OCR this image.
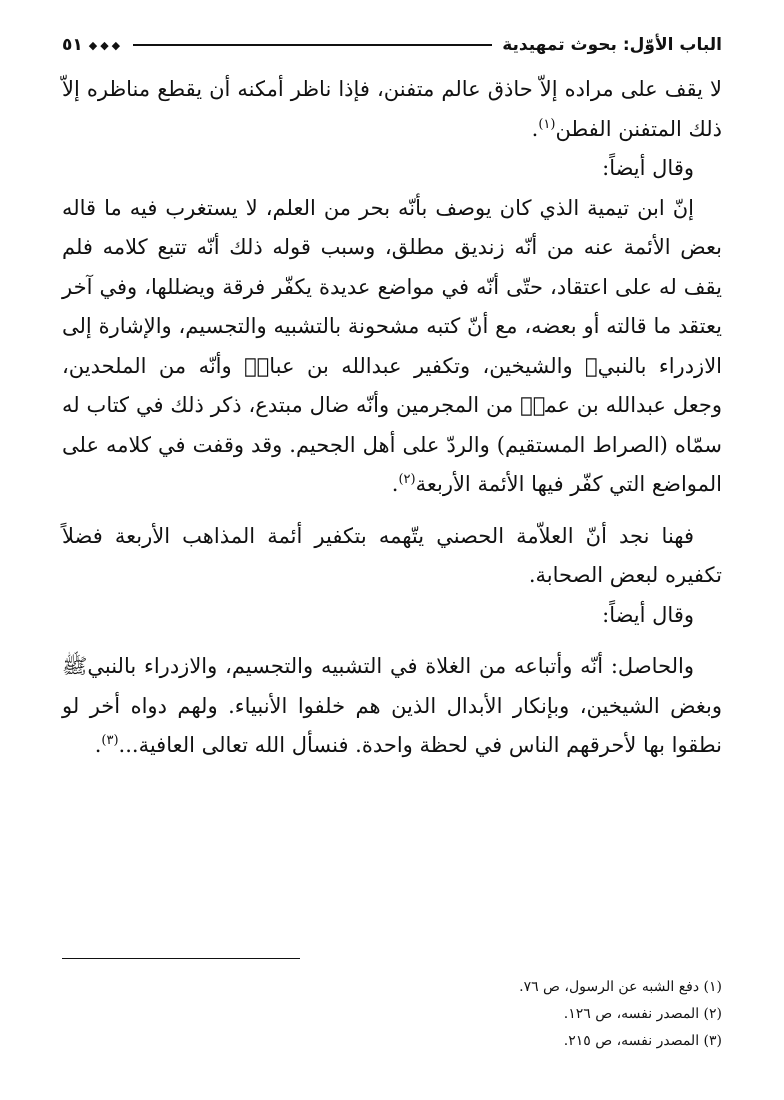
الباب الأوّل: بحوث تمهيدية
◆◆◆
٥١

لا يقف على مراده إلاّ حاذق عالم متفنن، فإذا ناظر أمكنه أن يقطع مناظره إلاّ ذلك المتفنن الفطن$^{(١)}$.

وقال أيضاً:

إنّ ابن تيمية الذي كان يوصف بأنّه بحر من العلم، لا يستغرب فيه ما قاله بعض الأئمة عنه من أنّه زنديق مطلق، وسبب قوله ذلك أنّه تتبع كلامه فلم يقف له على اعتقاد، حتّى أنّه في مواضع عديدة يكفّر فرقة ويضللها، وفي آخر يعتقد ما قالته أو بعضه، مع أنّ كتبه مشحونة بالتشبيه والتجسيم، والإشارة إلى الازدراء بالنبيﷺ والشيخين، وتكفير عبدالله بن عباسؓ وأنّه من الملحدين، وجعل عبدالله بن عمرؓ من المجرمين وأنّه ضال مبتدع، ذكر ذلك في كتاب له سمّاه (الصراط المستقيم) والردّ على أهل الجحيم. وقد وقفت في كلامه على المواضع التي كفّر فيها الأئمة الأربعة$^{(٢)}$.

فهنا نجد أنّ العلاّمة الحصني يتّهمه بتكفير أئمة المذاهب الأربعة فضلاً تكفيره لبعض الصحابة.

وقال أيضاً:

والحاصل: أنّه وأتباعه من الغلاة في التشبيه والتجسيم، والازدراء بالنبيﷺ وبغض الشيخين، وبإنكار الأبدال الذين هم خلفوا الأنبياء. ولهم دواه أخر لو نطقوا بها لأحرقهم الناس في لحظة واحدة. فنسأل الله تعالى العافية...$^{(٣)}$.

(١) دفع الشبه عن الرسول، ص ٧٦.
(٢) المصدر نفسه، ص ١٢٦.
(٣) المصدر نفسه، ص ٢١٥.
